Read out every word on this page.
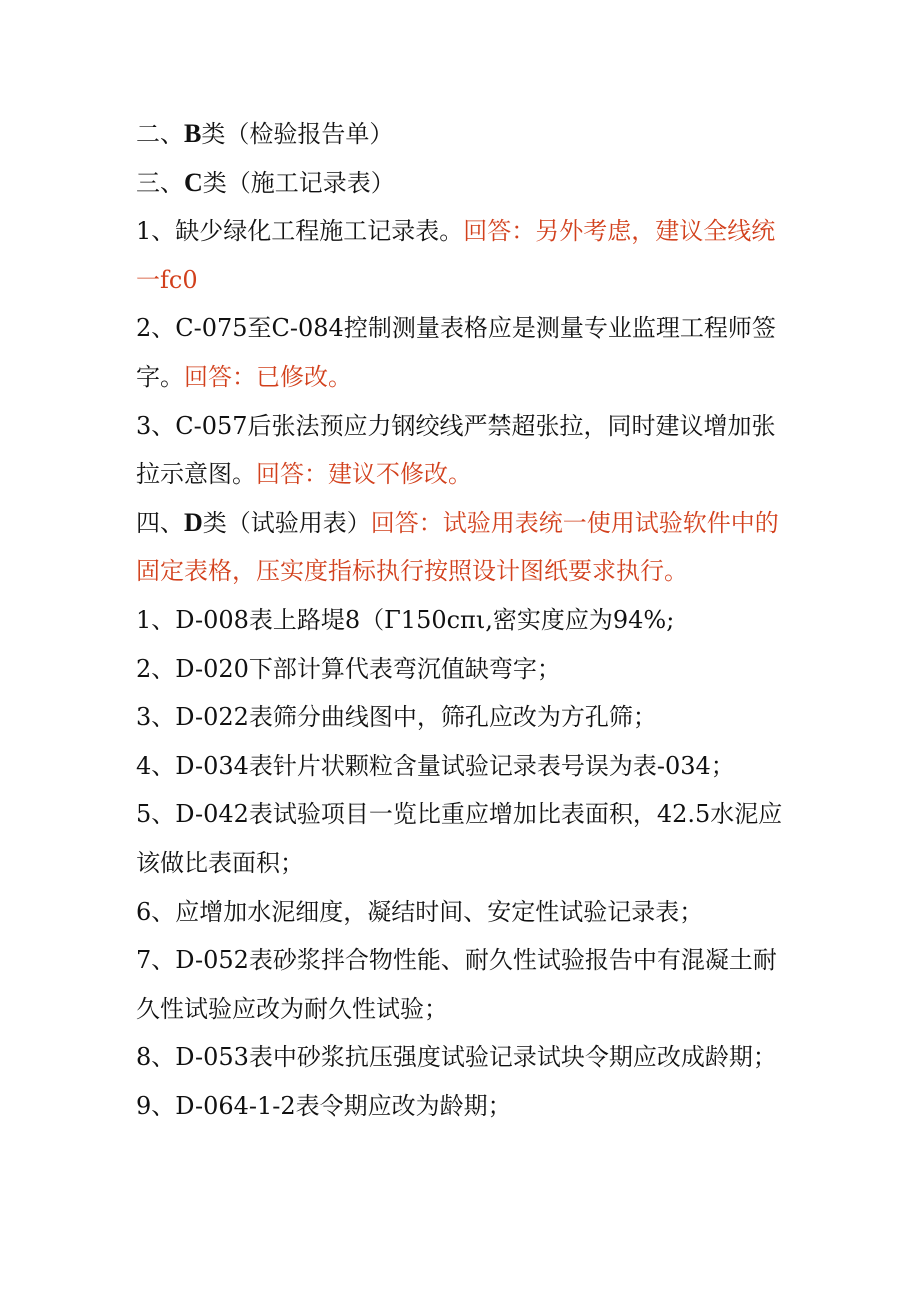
二、B类（检验报告单）

三、C类（施工记录表）

1、缺少绿化工程施工记录表。回答：另外考虑，建议全线统一fc0

2、C-075至C-084控制测量表格应是测量专业监理工程师签字。回答：已修改。

3、C-057后张法预应力钢绞线严禁超张拉，同时建议增加张拉示意图。回答：建议不修改。

四、D类（试验用表）回答：试验用表统一使用试验软件中的固定表格，压实度指标执行按照设计图纸要求执行。

1、D-008表上路堤8（Γ150cπι,密实度应为94%;

2、D-020下部计算代表弯沉值缺弯字；

3、D-022表筛分曲线图中，筛孔应改为方孔筛；

4、D-034表针片状颗粒含量试验记录表号误为表-034；

5、D-042表试验项目一览比重应增加比表面积，42.5水泥应该做比表面积；

6、应增加水泥细度，凝结时间、安定性试验记录表；

7、D-052表砂浆拌合物性能、耐久性试验报告中有混凝土耐久性试验应改为耐久性试验；

8、D-053表中砂浆抗压强度试验记录试块令期应改成龄期；

9、D-064-1-2表令期应改为龄期；
